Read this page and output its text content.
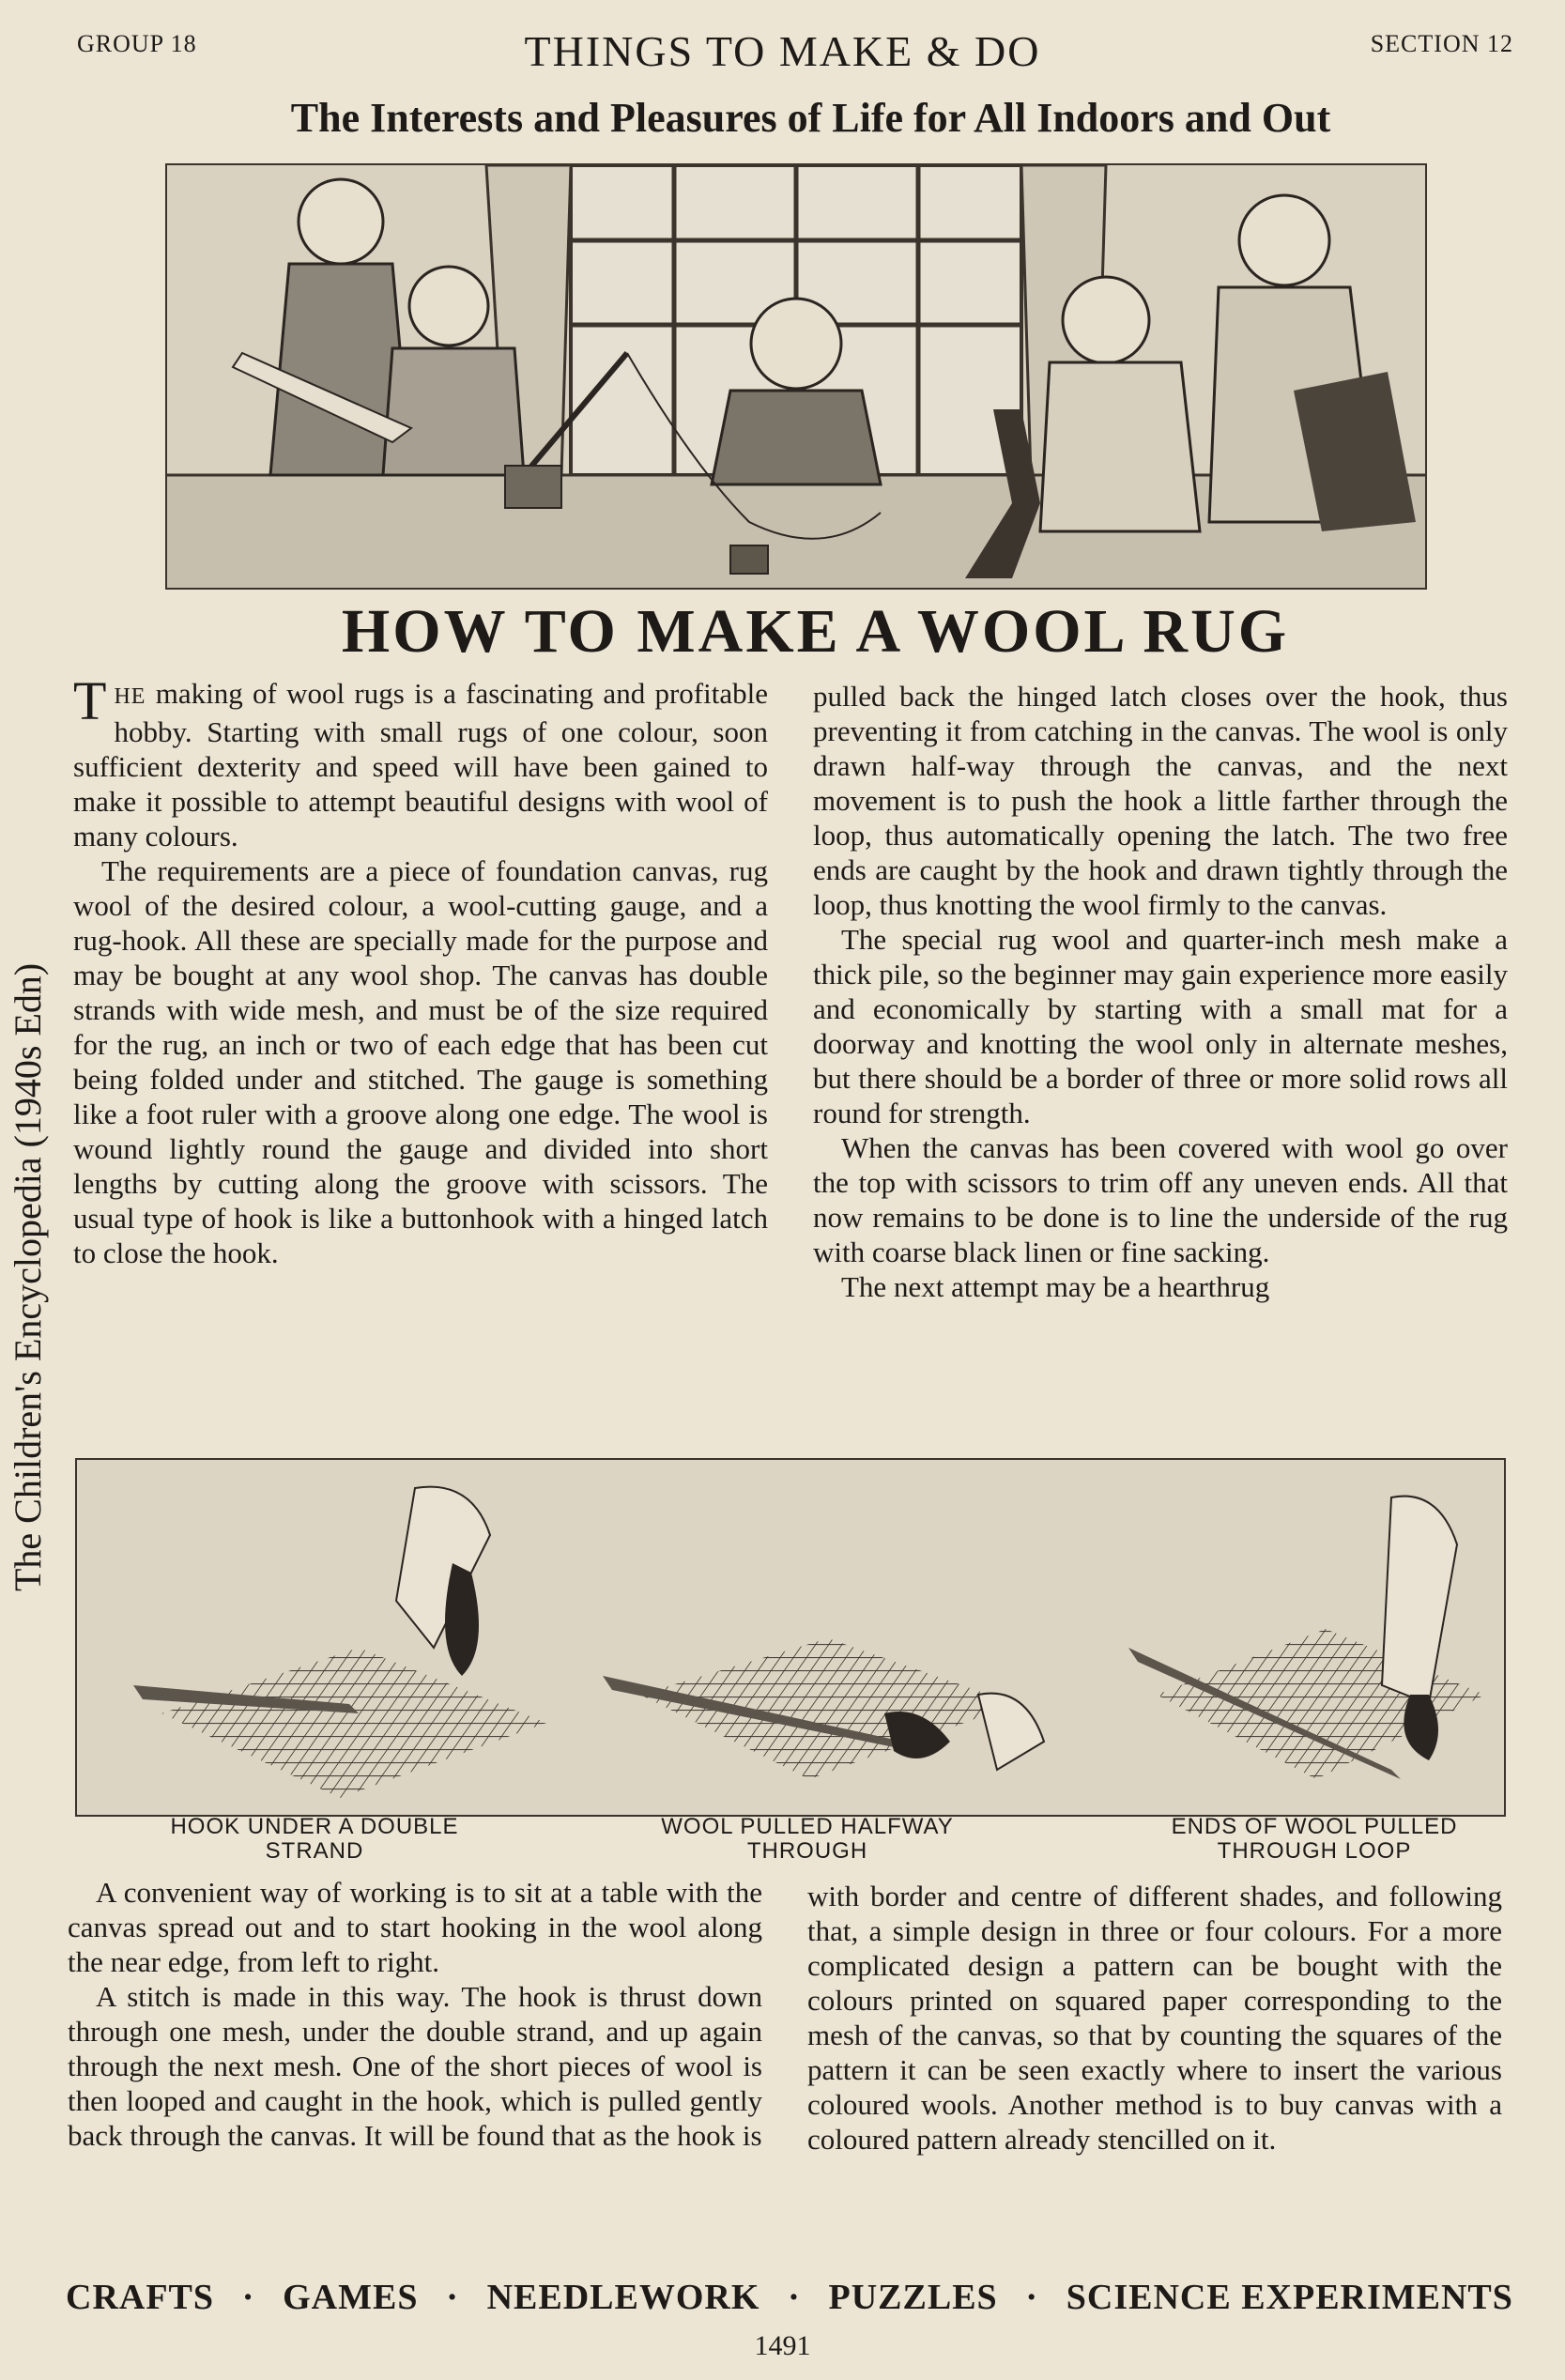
GROUP 18	THINGS TO MAKE & DO	SECTION 12
The Interests and Pleasures of Life for All Indoors and Out
The Children's Encyclopedia (1940s Edn)
HOW TO MAKE A WOOL RUG

THE making of wool rugs is a fascinating and profitable hobby. Starting with small rugs of one colour, soon sufficient dexterity and speed will have been gained to make it possible to attempt beautiful designs with wool of many colours.

The requirements are a piece of foundation canvas, rug wool of the desired colour, a wool-cutting gauge, and a rug-hook. All these are specially made for the purpose and may be bought at any wool shop. The canvas has double strands with wide mesh, and must be of the size required for the rug, an inch or two of each edge that has been cut being folded under and stitched. The gauge is something like a foot ruler with a groove along one edge. The wool is wound lightly round the gauge and divided into short lengths by cutting along the groove with scissors. The usual type of hook is like a buttonhook with a hinged latch to close the hook.

pulled back the hinged latch closes over the hook, thus preventing it from catching in the canvas. The wool is only drawn half-way through the canvas, and the next movement is to push the hook a little farther through the loop, thus automatically opening the latch. The two free ends are caught by the hook and drawn tightly through the loop, thus knotting the wool firmly to the canvas.

The special rug wool and quarter-inch mesh make a thick pile, so the beginner may gain experience more easily and economically by starting with a small mat for a doorway and knotting the wool only in alternate meshes, but there should be a border of three or more solid rows all round for strength.

When the canvas has been covered with wool go over the top with scissors to trim off any uneven ends. All that now remains to be done is to line the underside of the rug with coarse black linen or fine sacking.

The next attempt may be a hearthrug

HOOK UNDER A DOUBLE STRAND
WOOL PULLED HALFWAY THROUGH
ENDS OF WOOL PULLED THROUGH LOOP

A convenient way of working is to sit at a table with the canvas spread out and to start hooking in the wool along the near edge, from left to right.

A stitch is made in this way. The hook is thrust down through one mesh, under the double strand, and up again through the next mesh. One of the short pieces of wool is then looped and caught in the hook, which is pulled gently back through the canvas. It will be found that as the hook is

with border and centre of different shades, and following that, a simple design in three or four colours. For a more complicated design a pattern can be bought with the colours printed on squared paper corresponding to the mesh of the canvas, so that by counting the squares of the pattern it can be seen exactly where to insert the various coloured wools. Another method is to buy canvas with a coloured pattern already stencilled on it.

CRAFTS · GAMES · NEEDLEWORK · PUZZLES · SCIENCE EXPERIMENTS
1491
